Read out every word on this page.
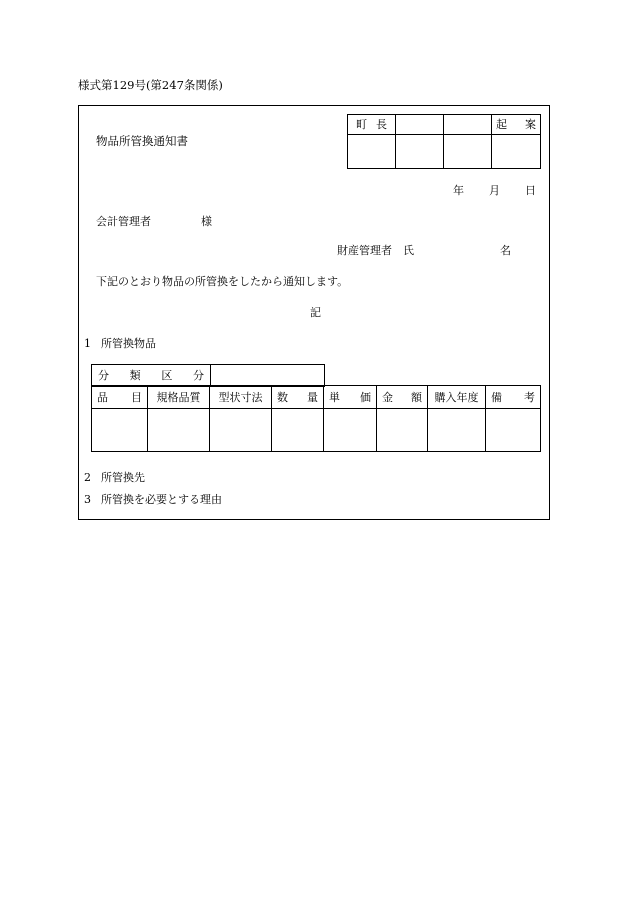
様式第129号(第247条関係)
物品所管換通知書
町 長			起 案

年 月 日
会計管理者	様
財産管理者　氏	名
下記のとおり物品の所管換をしたから通知します。
記
1 所管換物品
分 類 区 分

品 目	規格品質	型状寸法	数 量	単 価	金 額	購入年度	備 考

2 所管換先
3 所管換を必要とする理由
